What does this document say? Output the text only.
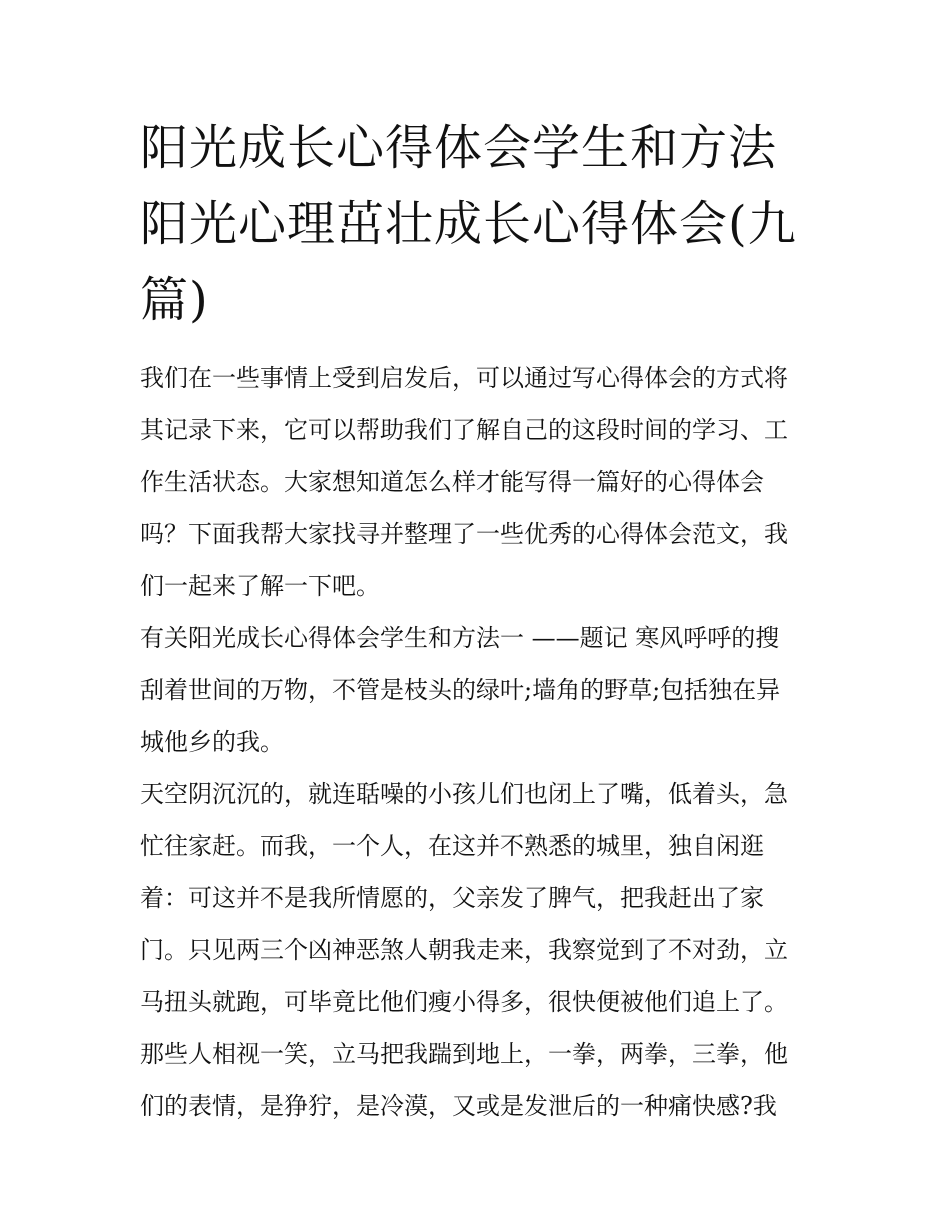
阳光成长心得体会学生和方法
阳光心理茁壮成长心得体会(九
篇)

我们在一些事情上受到启发后，可以通过写心得体会的方式将
其记录下来，它可以帮助我们了解自己的这段时间的学习、工
作生活状态。大家想知道怎么样才能写得一篇好的心得体会
吗？下面我帮大家找寻并整理了一些优秀的心得体会范文，我
们一起来了解一下吧。

有关阳光成长心得体会学生和方法一 ——题记 寒风呼呼的搜
刮着世间的万物，不管是枝头的绿叶;墙角的野草;包括独在异
城他乡的我。

天空阴沉沉的，就连聒噪的小孩儿们也闭上了嘴，低着头，急
忙往家赶。而我，一个人，在这并不熟悉的城里，独自闲逛
着：可这并不是我所情愿的，父亲发了脾气，把我赶出了家
门。只见两三个凶神恶煞人朝我走来，我察觉到了不对劲，立
马扭头就跑，可毕竟比他们瘦小得多，很快便被他们追上了。
那些人相视一笑，立马把我踹到地上，一拳，两拳，三拳，他
们的表情，是狰狞，是冷漠，又或是发泄后的一种痛快感?我
